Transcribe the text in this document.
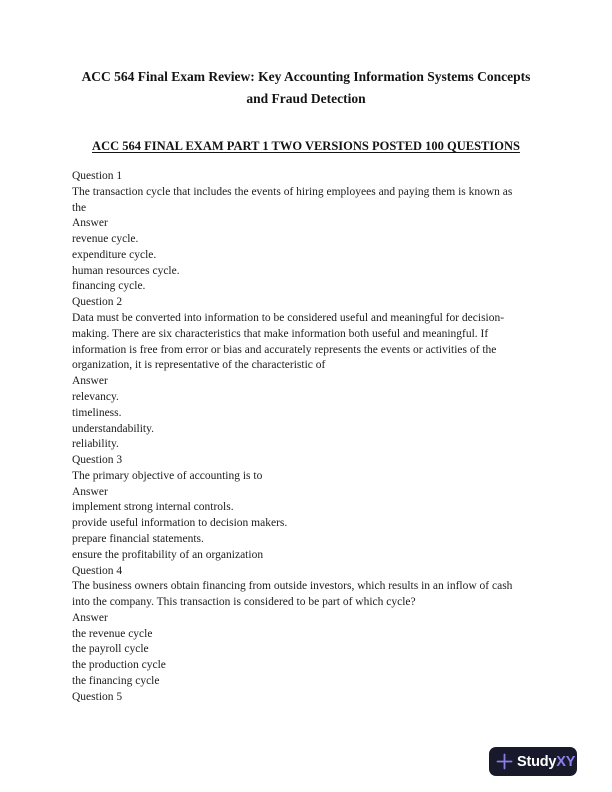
ACC 564 Final Exam Review: Key Accounting Information Systems Concepts
and Fraud Detection
ACC 564 FINAL EXAM PART 1 TWO VERSIONS POSTED 100 QUESTIONS
Question 1
The transaction cycle that includes the events of hiring employees and paying them is known as
the
Answer
revenue cycle.
expenditure cycle.
human resources cycle.
financing cycle.
Question 2
Data must be converted into information to be considered useful and meaningful for decision-
making. There are six characteristics that make information both useful and meaningful. If
information is free from error or bias and accurately represents the events or activities of the
organization, it is representative of the characteristic of
Answer
relevancy.
timeliness.
understandability.
reliability.
Question 3
The primary objective of accounting is to
Answer
implement strong internal controls.
provide useful information to decision makers.
prepare financial statements.
ensure the profitability of an organization
Question 4
The business owners obtain financing from outside investors, which results in an inflow of cash
into the company. This transaction is considered to be part of which cycle?
Answer
the revenue cycle
the payroll cycle
the production cycle
the financing cycle
Question 5
StudyXY
